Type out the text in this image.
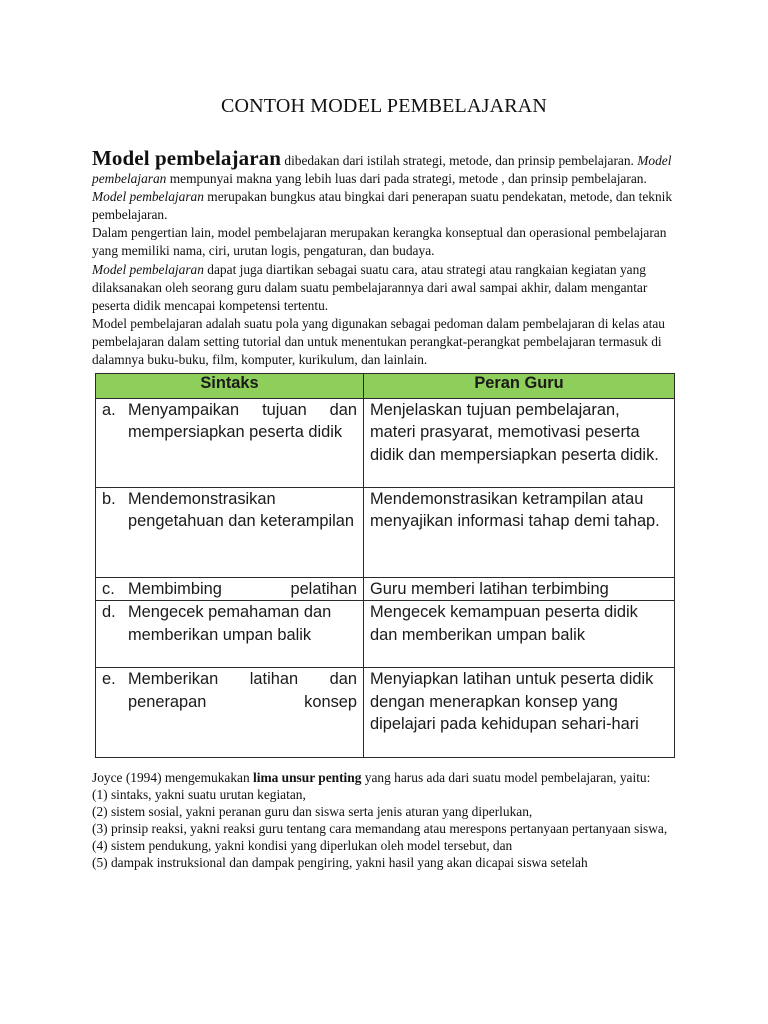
CONTOH MODEL PEMBELAJARAN

Model pembelajaran dibedakan dari istilah strategi, metode, dan prinsip pembelajaran. Model pembelajaran mempunyai makna yang lebih luas dari pada strategi, metode , dan prinsip pembelajaran. Model pembelajaran merupakan bungkus atau bingkai dari penerapan suatu pendekatan, metode, dan teknik pembelajaran.

Dalam pengertian lain, model pembelajaran merupakan kerangka konseptual dan operasional pembelajaran yang memiliki nama, ciri, urutan logis, pengaturan, dan budaya.

Model pembelajaran dapat juga diartikan sebagai suatu cara, atau strategi atau rangkaian kegiatan yang dilaksanakan oleh seorang guru dalam suatu pembelajarannya dari awal sampai akhir, dalam mengantar peserta didik mencapai kompetensi tertentu.

Model pembelajaran adalah suatu pola yang digunakan sebagai pedoman dalam pembelajaran di kelas atau pembelajaran dalam setting tutorial dan untuk menentukan perangkat-perangkat pembelajaran termasuk di dalamnya buku-buku, film, komputer, kurikulum, dan lainlain.

Sintaks	Peran Guru

a. Menyampaikan tujuan dan mempersiapkan peserta didik	Menjelaskan tujuan pembelajaran, materi prasyarat, memotivasi peserta didik dan mempersiapkan peserta didik.

b. Mendemonstrasikan pengetahuan dan keterampilan	Mendemonstrasikan ketrampilan atau menyajikan informasi tahap demi tahap.

c. Membimbing pelatihan	Guru memberi latihan terbimbing

d. Mengecek pemahaman dan memberikan umpan balik	Mengecek kemampuan peserta didik dan memberikan umpan balik

e. Memberikan latihan dan penerapan konsep	Menyiapkan latihan untuk peserta didik dengan menerapkan konsep yang dipelajari pada kehidupan sehari-hari

Joyce (1994) mengemukakan lima unsur penting yang harus ada dari suatu model pembelajaran, yaitu:

(1) sintaks, yakni suatu urutan kegiatan,

(2) sistem sosial, yakni peranan guru dan siswa serta jenis aturan yang diperlukan,

(3) prinsip reaksi, yakni reaksi guru tentang cara memandang atau merespons pertanyaan pertanyaan siswa,

(4) sistem pendukung, yakni kondisi yang diperlukan oleh model tersebut, dan

(5) dampak instruksional dan dampak pengiring, yakni hasil yang akan dicapai siswa setelah
